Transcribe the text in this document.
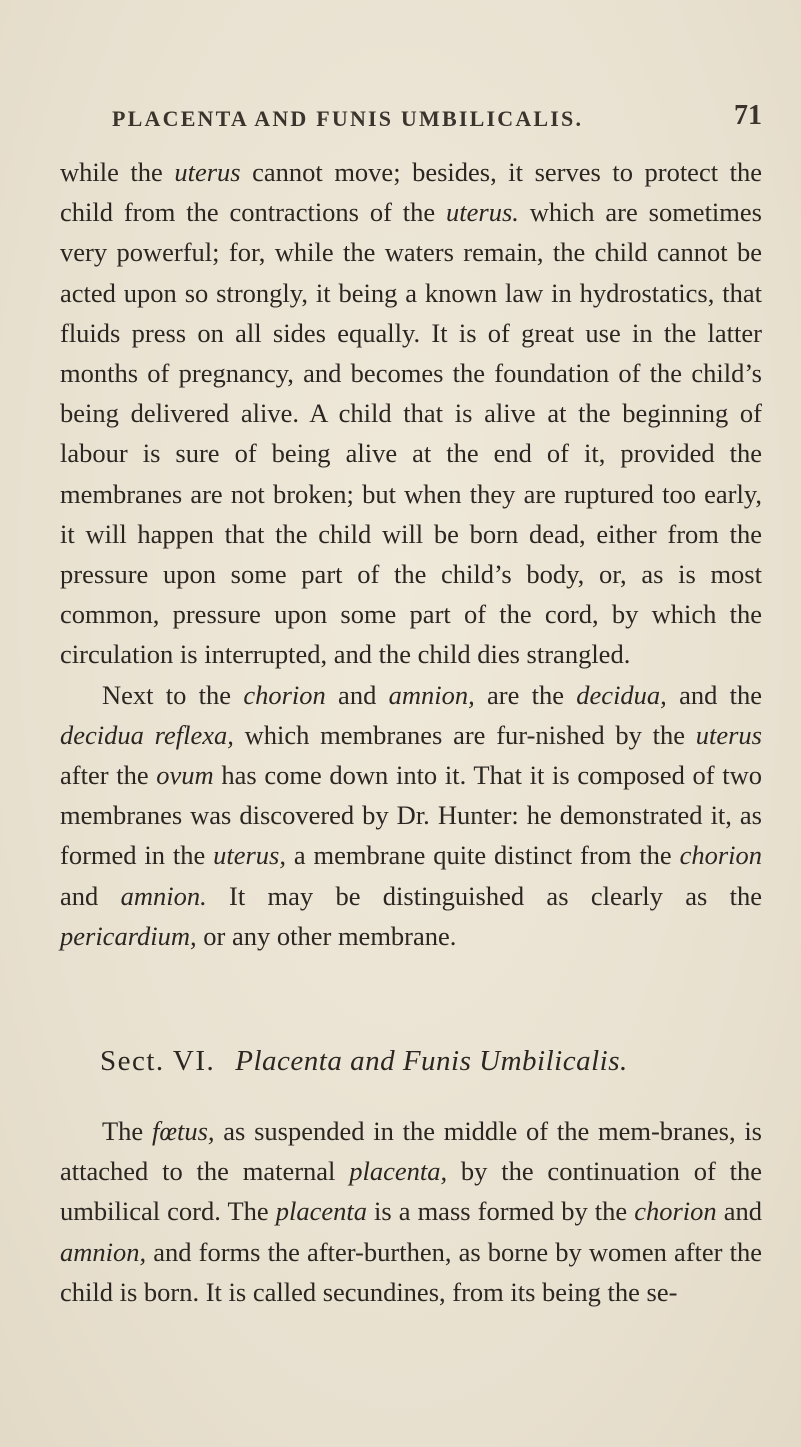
PLACENTA AND FUNIS UMBILICALIS.	71

while the uterus cannot move; besides, it serves to protect the child from the contractions of the uterus. which are sometimes very powerful; for, while the waters remain, the child cannot be acted upon so strongly, it being a known law in hydrostatics, that fluids press on all sides equally. It is of great use in the latter months of pregnancy, and becomes the foundation of the child’s being delivered alive. A child that is alive at the beginning of labour is sure of being alive at the end of it, provided the membranes are not broken; but when they are ruptured too early, it will happen that the child will be born dead, either from the pressure upon some part of the child’s body, or, as is most common, pressure upon some part of the cord, by which the circulation is interrupted, and the child dies strangled.

Next to the chorion and amnion, are the decidua, and the decidua reflexa, which membranes are fur-nished by the uterus after the ovum has come down into it. That it is composed of two membranes was discovered by Dr. Hunter: he demonstrated it, as formed in the uterus, a membrane quite distinct from the chorion and amnion. It may be distinguished as clearly as the pericardium, or any other membrane.

Sect. VI. Placenta and Funis Umbilicalis.

The fœtus, as suspended in the middle of the mem-branes, is attached to the maternal placenta, by the continuation of the umbilical cord. The placenta is a mass formed by the chorion and amnion, and forms the after-burthen, as borne by women after the child is born. It is called secundines, from its being the se-
